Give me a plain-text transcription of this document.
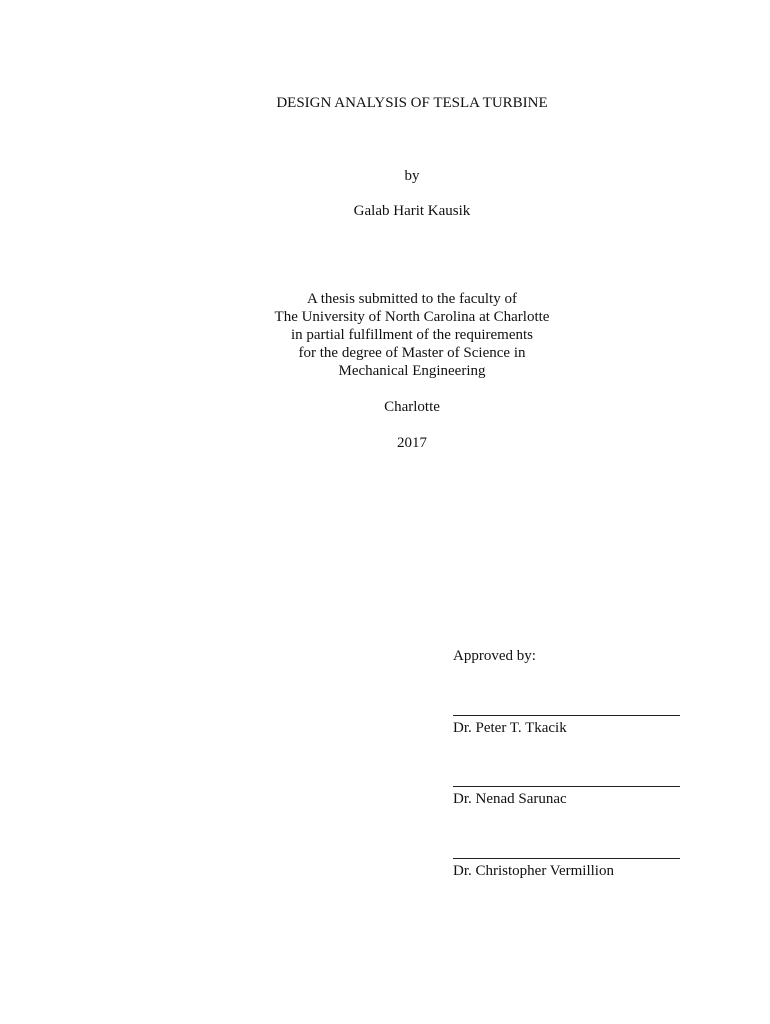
DESIGN ANALYSIS OF TESLA TURBINE
by
Galab Harit Kausik
A thesis submitted to the faculty of
The University of North Carolina at Charlotte
in partial fulfillment of the requirements
for the degree of Master of Science in
Mechanical Engineering
Charlotte
2017
Approved by:
Dr. Peter T. Tkacik
Dr. Nenad Sarunac
Dr. Christopher Vermillion
